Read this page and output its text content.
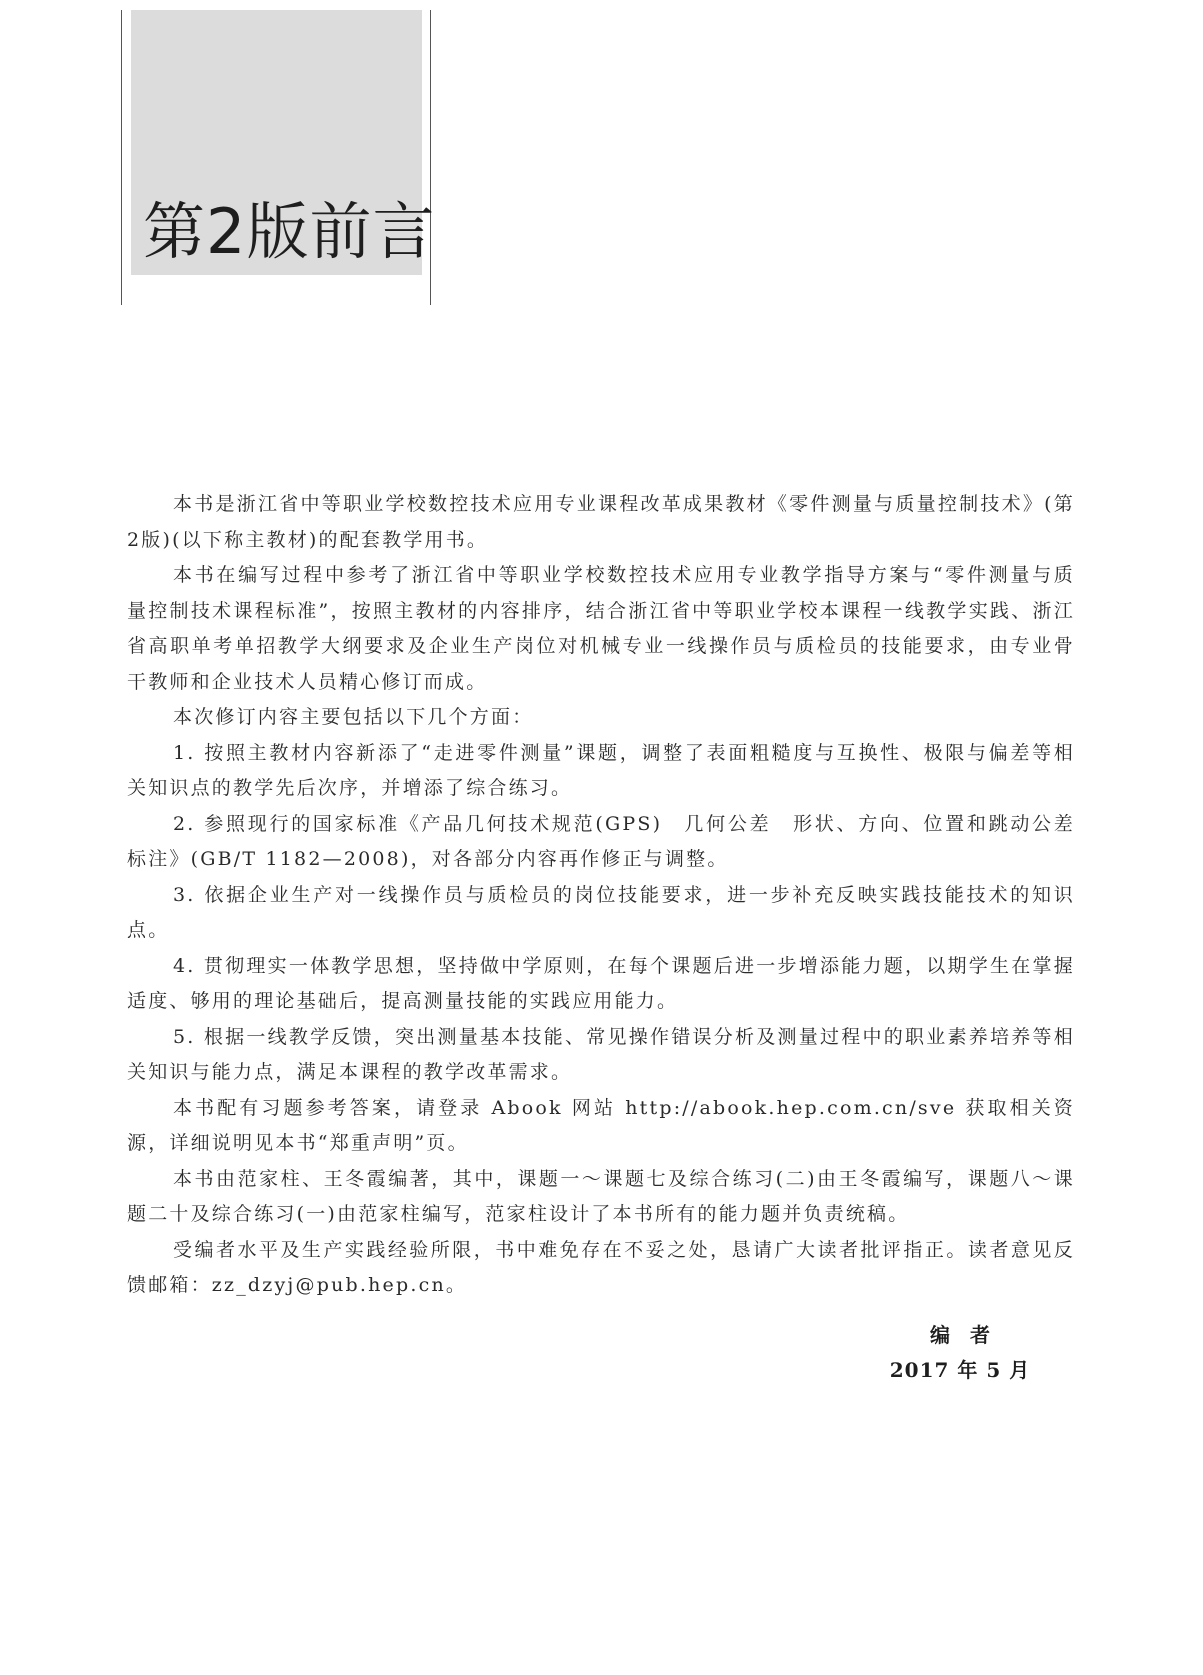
第2版前言

本书是浙江省中等职业学校数控技术应用专业课程改革成果教材《零件测量与质量控制技术》(第2版)(以下称主教材)的配套教学用书。

本书在编写过程中参考了浙江省中等职业学校数控技术应用专业教学指导方案与“零件测量与质量控制技术课程标准”，按照主教材的内容排序，结合浙江省中等职业学校本课程一线教学实践、浙江省高职单考单招教学大纲要求及企业生产岗位对机械专业一线操作员与质检员的技能要求，由专业骨干教师和企业技术人员精心修订而成。

本次修订内容主要包括以下几个方面：

1. 按照主教材内容新添了“走进零件测量”课题，调整了表面粗糙度与互换性、极限与偏差等相关知识点的教学先后次序，并增添了综合练习。

2. 参照现行的国家标准《产品几何技术规范(GPS)　几何公差　形状、方向、位置和跳动公差标注》(GB/T 1182—2008)，对各部分内容再作修正与调整。

3. 依据企业生产对一线操作员与质检员的岗位技能要求，进一步补充反映实践技能技术的知识点。

4. 贯彻理实一体教学思想，坚持做中学原则，在每个课题后进一步增添能力题，以期学生在掌握适度、够用的理论基础后，提高测量技能的实践应用能力。

5. 根据一线教学反馈，突出测量基本技能、常见操作错误分析及测量过程中的职业素养培养等相关知识与能力点，满足本课程的教学改革需求。

本书配有习题参考答案，请登录 Abook 网站 http://abook.hep.com.cn/sve 获取相关资源，详细说明见本书“郑重声明”页。

本书由范家柱、王冬霞编著，其中，课题一～课题七及综合练习(二)由王冬霞编写，课题八～课题二十及综合练习(一)由范家柱编写，范家柱设计了本书所有的能力题并负责统稿。

受编者水平及生产实践经验所限，书中难免存在不妥之处，恳请广大读者批评指正。读者意见反馈邮箱：zz_dzyj@pub.hep.cn。

编者
2017 年 5 月
